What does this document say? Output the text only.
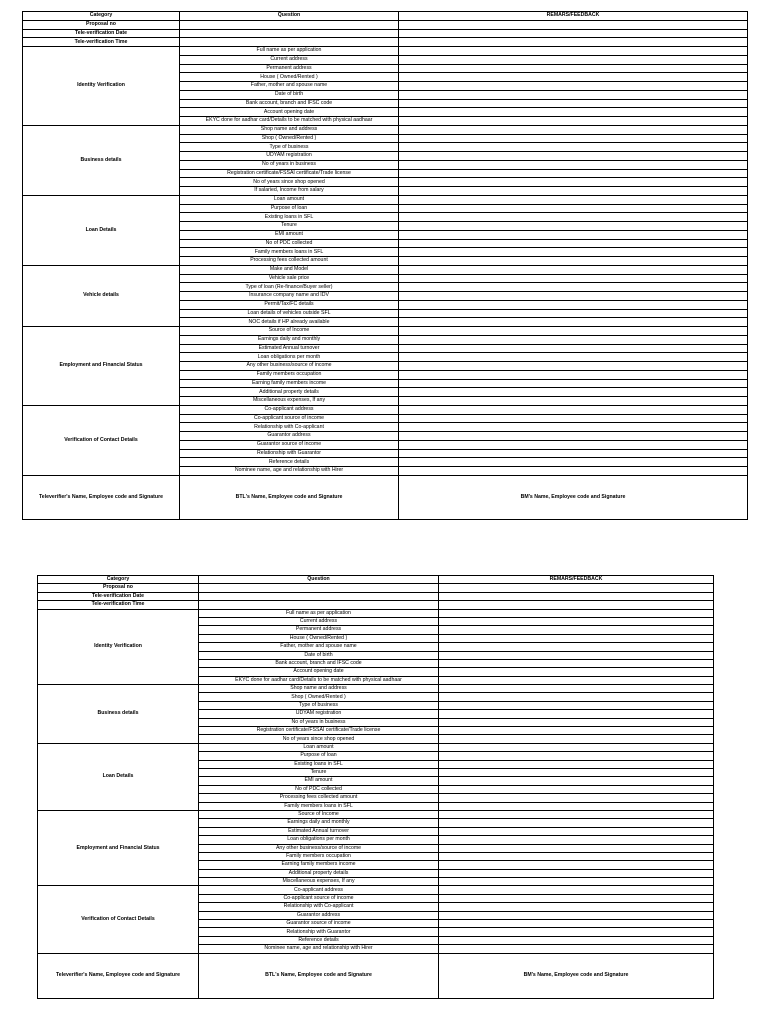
Category	Question	REMARS/FEEDBACK
Proposal no		
Tele-verification Date		
Tele-verification Time		
Identity Verification	Full name as per application	
	Current address	
	Permanent address	
	House ( Owned/Rented )	
	Father, mother and spouse name	
	Date of birth	
	Bank account, branch and IFSC code	
	Account opening date	
	EKYC done for aadhar card/Details to be matched with physical aadhaar	
Business details	Shop name and address	
	Shop ( Owned/Rented )	
	Type of business	
	UDYAM registration	
	No of years in business	
	Registration certificate/FSSAI certificate/Trade license	
	No of years since shop opened	
	If salaried, Income from salary	
Loan Details	Loan amount	
	Purpose of loan	
	Existing loans in SFL	
	Tenure	
	EMI amount	
	No of PDC collected	
	Family members loans in SFL	
	Processing fees collected amount	
Vehicle details	Make and Model	
	Vehicle sale price	
	Type of loan (Re-finance/Buyer seller)	
	Insurance company name and IDV	
	Permit/Tax/FC details	
	Loan details of vehicles outside SFL	
	NOC details if HP already available	
Employment and Financial Status	Source of Income	
	Earnings daily and monthly	
	Estimated Annual turnover	
	Loan obligations per month	
	Any other business/source of income	
	Family members occupation	
	Earning family members income	
	Additional property details	
	Miscellaneous expenses, If any	
Verification of Contact Details	Co-applicant address	
	Co-applicant source of income	
	Relationship with Co-applicant	
	Guarantor address	
	Guarantor source of income	
	Relationship with Guarantor	
	Reference details	
	Nominee name, age and relationship with Hirer	
Televerifier's Name, Employee code and Signature	BTL's Name, Employee code and Signature	BM's Name, Employee code and Signature
Category	Question	REMARS/FEEDBACK
Proposal no		
Tele-verification Date		
Tele-verification Time		
Identity Verification	Full name as per application	
	Current address	
	Permanent address	
	House ( Owned/Rented )	
	Father, mother and spouse name	
	Date of birth	
	Bank account, branch and IFSC code	
	Account opening date	
	EKYC done for aadhar card/Details to be matched with physical aadhaar	
Business details	Shop name and address	
	Shop ( Owned/Rented )	
	Type of business	
	UDYAM registration	
	No of years in business	
	Registration certificate/FSSAI certificate/Trade license	
	No of years since shop opened	
Loan Details	Loan amount	
	Purpose of loan	
	Existing loans in SFL	
	Tenure	
	EMI amount	
	No of PDC collected	
	Processing fees collected amount	
	Family members loans in SFL	
Employment and Financial Status	Source of Income	
	Earnings daily and monthly	
	Estimated Annual turnover	
	Loan obligations per month	
	Any other business/source of income	
	Family members occupation	
	Earning family members income	
	Additional property details	
	Miscellaneous expenses, If any	
Verification of Contact Details	Co-applicant address	
	Co-applicant source of income	
	Relationship with Co-applicant	
	Guarantor address	
	Guarantor source of income	
	Relationship with Guarantor	
	Reference details	
	Nominee name, age and relationship with Hirer	
Televerifier's Name, Employee code and Signature	BTL's Name, Employee code and Signature	BM's Name, Employee code and Signature
